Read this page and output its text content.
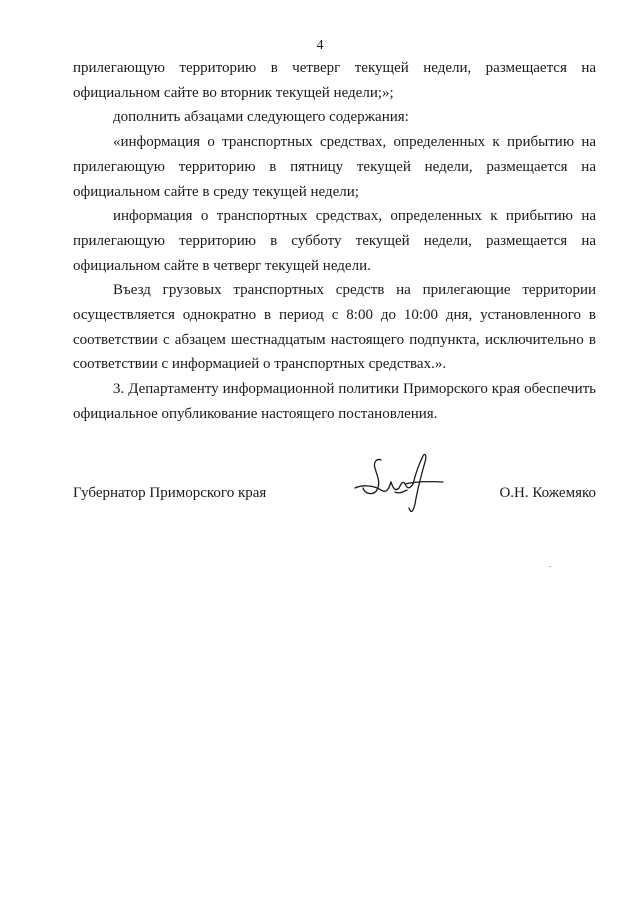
4

прилегающую территорию в четверг текущей недели, размещается на официальном сайте во вторник текущей недели;»;

дополнить абзацами следующего содержания:

«информация о транспортных средствах, определенных к прибытию на прилегающую территорию в пятницу текущей недели, размещается на официальном сайте в среду текущей недели;

информация о транспортных средствах, определенных к прибытию на прилегающую территорию в субботу текущей недели, размещается на официальном сайте в четверг текущей недели.

Въезд грузовых транспортных средств на прилегающие территории осуществляется однократно в период с 8:00 до 10:00 дня, установленного в соответствии с абзацем шестнадцатым настоящего подпункта, исключительно в соответствии с информацией о транспортных средствах.».

3. Департаменту информационной политики Приморского края обеспечить официальное опубликование настоящего постановления.

Губернатор Приморского края	О.Н. Кожемяко
